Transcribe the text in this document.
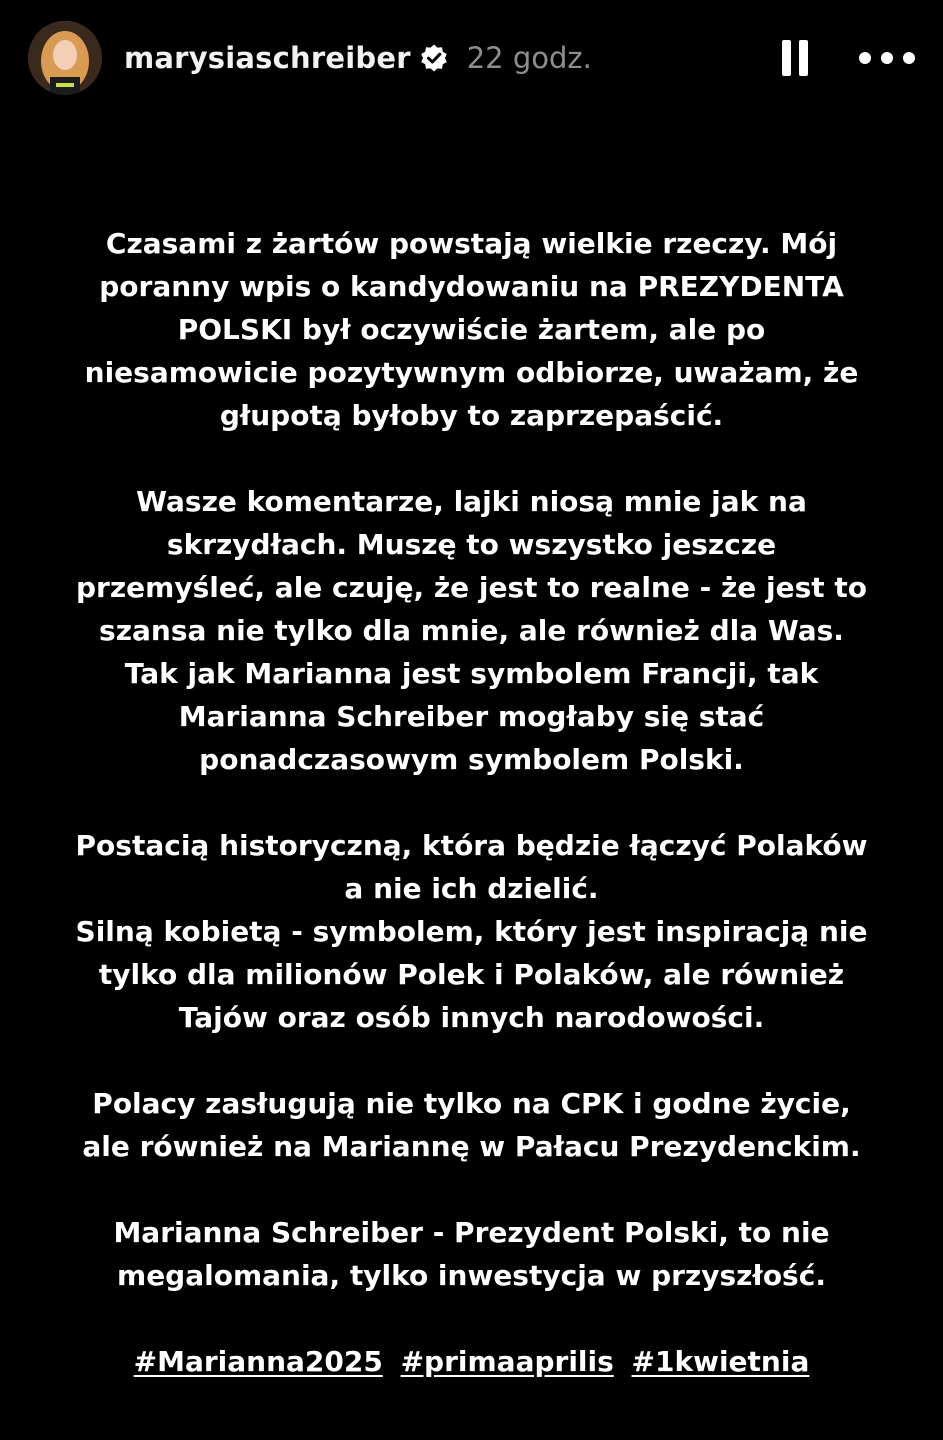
marysiaschreiber 22 godz.

Czasami z żartów powstają wielkie rzeczy. Mój
poranny wpis o kandydowaniu na PREZYDENTA
POLSKI był oczywiście żartem, ale po
niesamowicie pozytywnym odbiorze, uważam, że
głupotą byłoby to zaprzepaścić.

Wasze komentarze, lajki niosą mnie jak na
skrzydłach. Muszę to wszystko jeszcze
przemyśleć, ale czuję, że jest to realne - że jest to
szansa nie tylko dla mnie, ale również dla Was.
Tak jak Marianna jest symbolem Francji, tak
Marianna Schreiber mogłaby się stać
ponadczasowym symbolem Polski.

Postacią historyczną, która będzie łączyć Polaków
a nie ich dzielić.
Silną kobietą - symbolem, który jest inspiracją nie
tylko dla milionów Polek i Polaków, ale również
Tajów oraz osób innych narodowości.

Polacy zasługują nie tylko na CPK i godne życie,
ale również na Mariannę w Pałacu Prezydenckim.

Marianna Schreiber - Prezydent Polski, to nie
megalomania, tylko inwestycja w przyszłość.

#Marianna2025 #primaaprilis #1kwietnia
